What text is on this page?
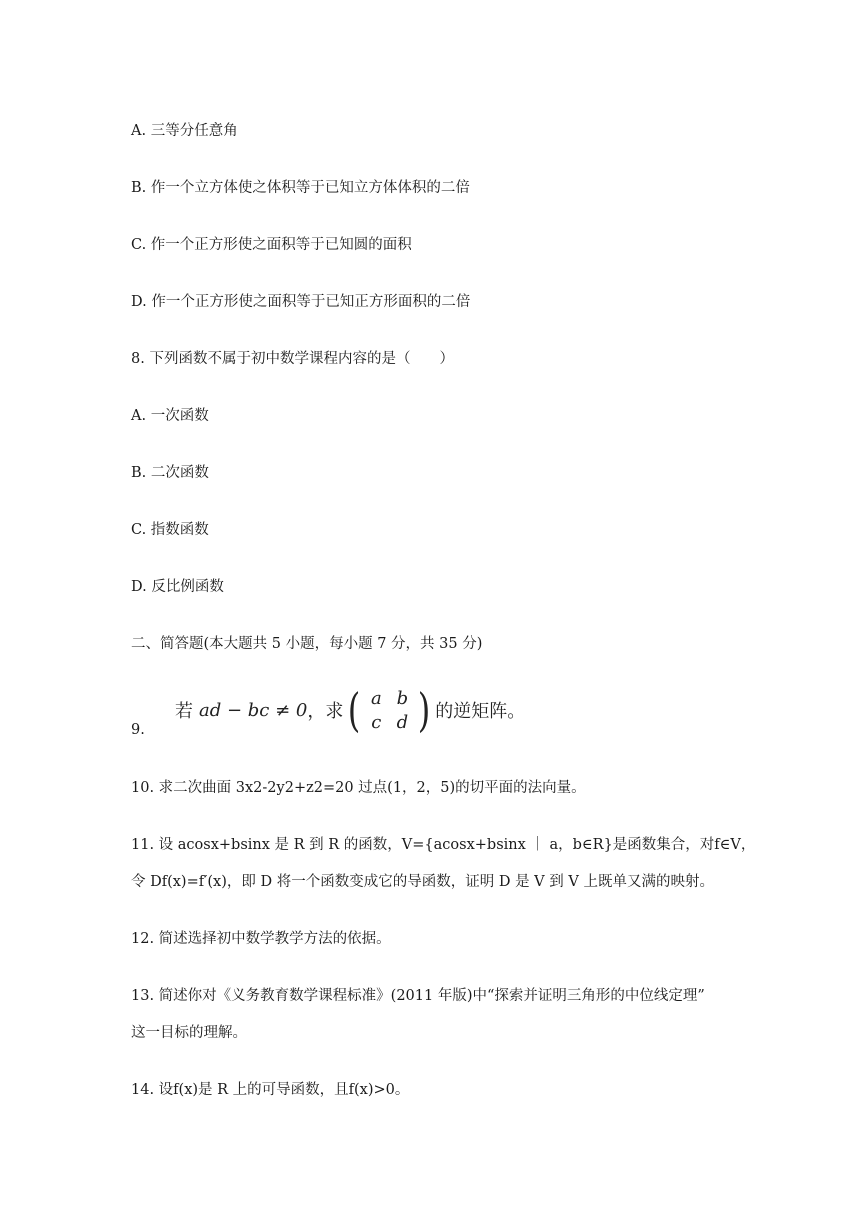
A. 三等分任意角
B. 作一个立方体使之体积等于已知立方体体积的二倍
C. 作一个正方形使之面积等于已知圆的面积
D. 作一个正方形使之面积等于已知正方形面积的二倍
8. 下列函数不属于初中数学课程内容的是（　　）
A. 一次函数
B. 二次函数
C. 指数函数
D. 反比例函数
二、简答题(本大题共 5 小题，每小题 7 分，共 35 分)
9.
若 ad − bc ≠ 0 ，求 ( a b
c d ) 的逆矩阵。
10. 求二次曲面 3x2-2y2+z2=20 过点(1，2，5)的切平面的法向量。
11. 设 acosx+bsinx 是 R 到 R 的函数，V={acosx+bsinx ｜ a，b∈R}是函数集合，对f∈V，
令 Df(x)=f′(x)，即 D 将一个函数变成它的导函数，证明 D 是 V 到 V 上既单又满的映射。
12. 简述选择初中数学教学方法的依据。
13. 简述你对《义务教育数学课程标准》(2011 年版)中“探索并证明三角形的中位线定理”
这一目标的理解。
14. 设f(x)是 R 上的可导函数，且f(x)>0。
